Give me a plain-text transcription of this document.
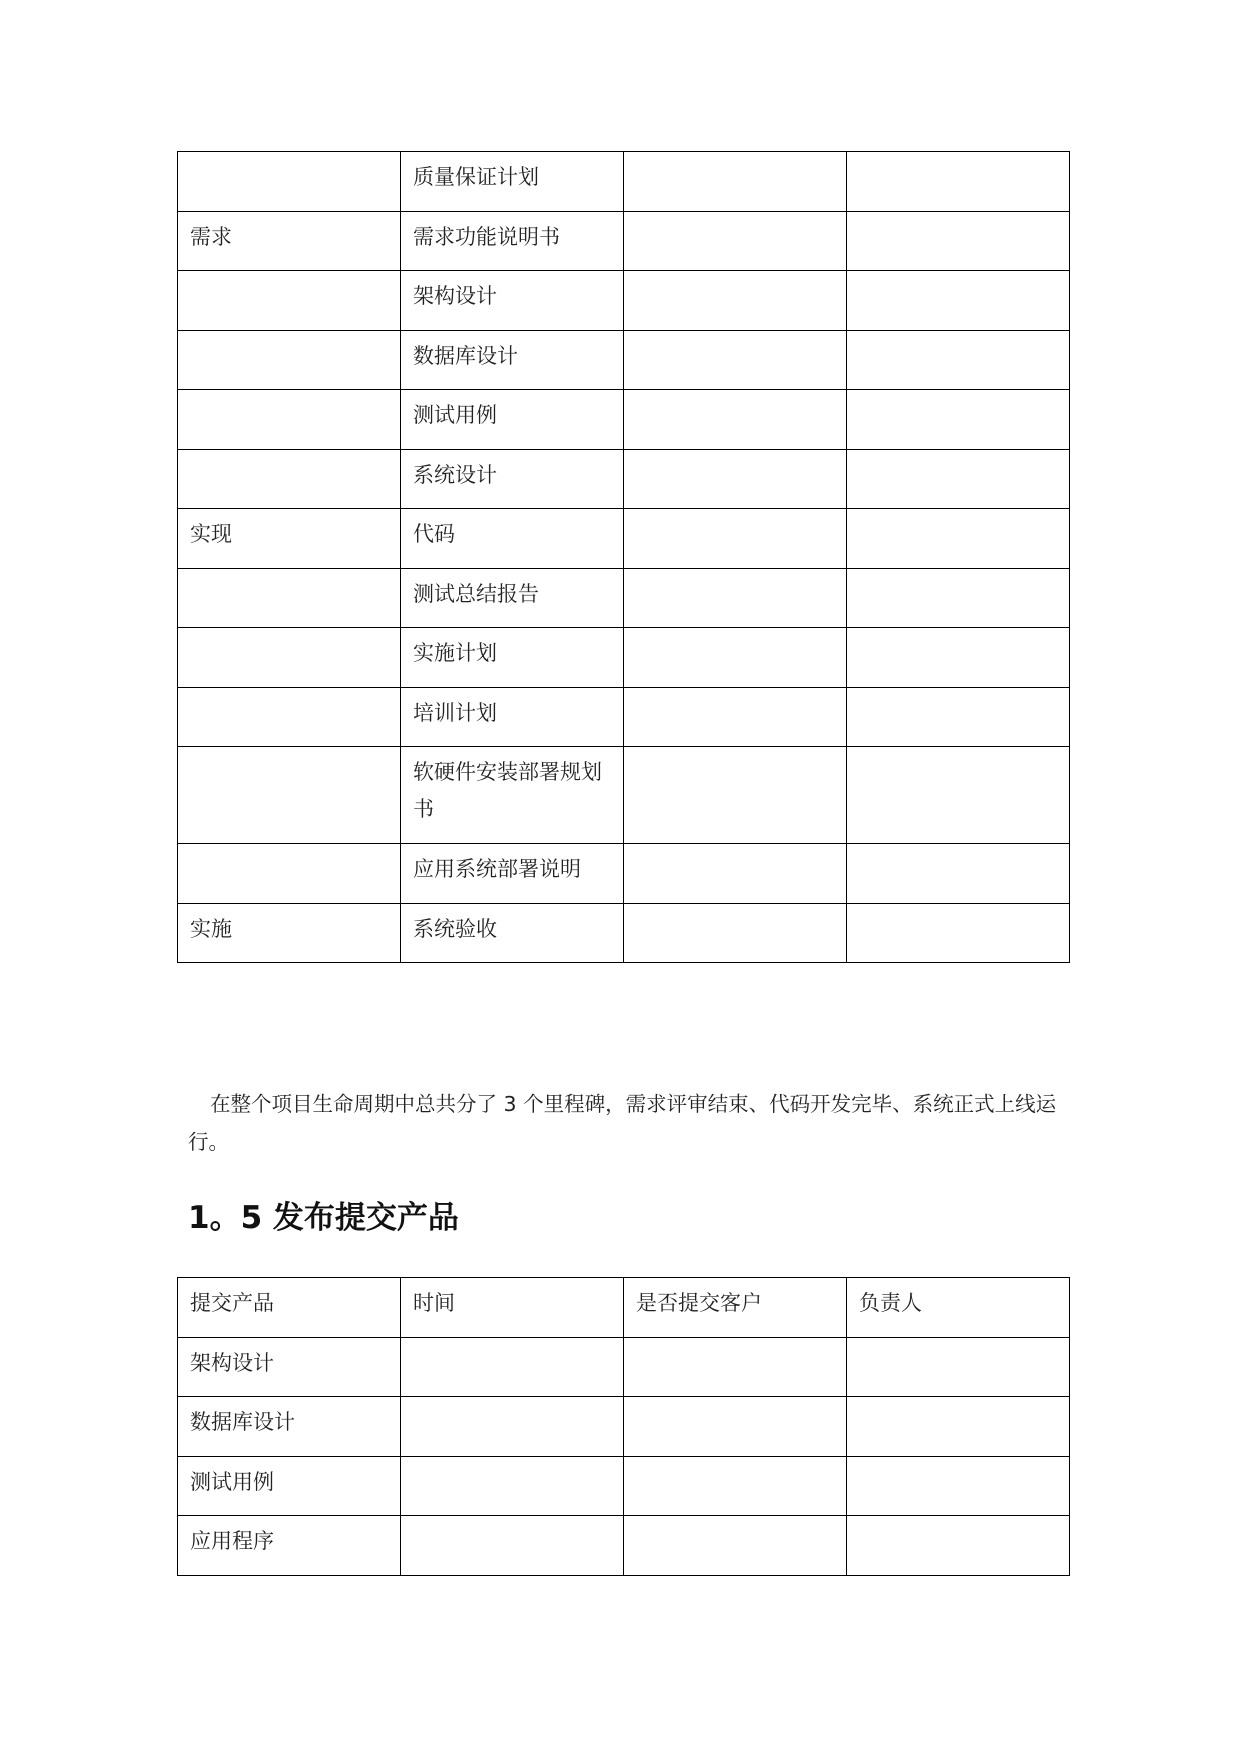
	质量保证计划		
需求	需求功能说明书		
	架构设计		
	数据库设计		
	测试用例		
	系统设计		
实现	代码		
	测试总结报告		
	实施计划		
	培训计划		
	软硬件安装部署规划书		
	应用系统部署说明		
实施	系统验收		

在整个项目生命周期中总共分了 3 个里程碑，需求评审结束、代码开发完毕、系统正式上线运行。

1。5 发布提交产品
提交产品	时间	是否提交客户	负责人
架构设计			
数据库设计			
测试用例			
应用程序			
